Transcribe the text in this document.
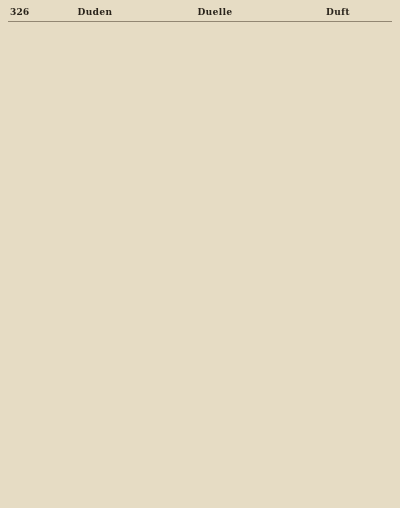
326	Duden	Duelle	Duft
